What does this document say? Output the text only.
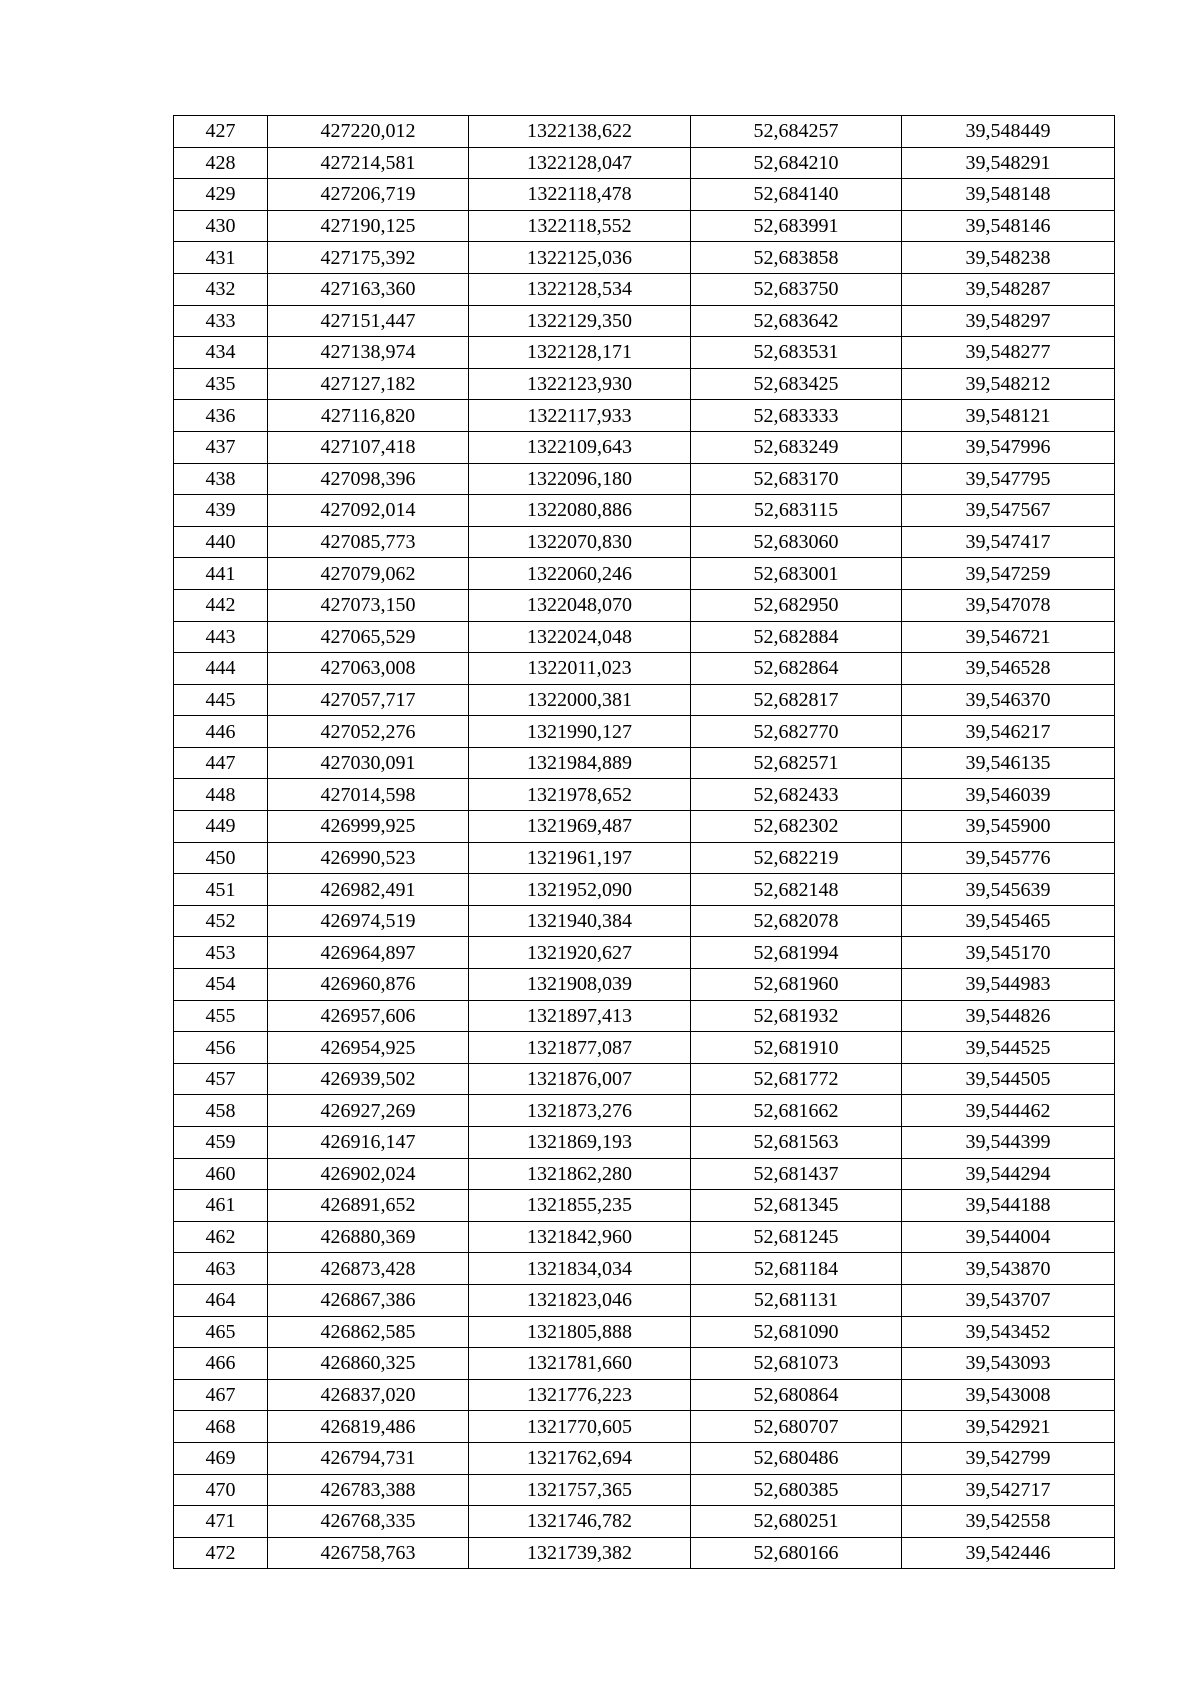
427	427220,012	1322138,622	52,684257	39,548449
428	427214,581	1322128,047	52,684210	39,548291
429	427206,719	1322118,478	52,684140	39,548148
430	427190,125	1322118,552	52,683991	39,548146
431	427175,392	1322125,036	52,683858	39,548238
432	427163,360	1322128,534	52,683750	39,548287
433	427151,447	1322129,350	52,683642	39,548297
434	427138,974	1322128,171	52,683531	39,548277
435	427127,182	1322123,930	52,683425	39,548212
436	427116,820	1322117,933	52,683333	39,548121
437	427107,418	1322109,643	52,683249	39,547996
438	427098,396	1322096,180	52,683170	39,547795
439	427092,014	1322080,886	52,683115	39,547567
440	427085,773	1322070,830	52,683060	39,547417
441	427079,062	1322060,246	52,683001	39,547259
442	427073,150	1322048,070	52,682950	39,547078
443	427065,529	1322024,048	52,682884	39,546721
444	427063,008	1322011,023	52,682864	39,546528
445	427057,717	1322000,381	52,682817	39,546370
446	427052,276	1321990,127	52,682770	39,546217
447	427030,091	1321984,889	52,682571	39,546135
448	427014,598	1321978,652	52,682433	39,546039
449	426999,925	1321969,487	52,682302	39,545900
450	426990,523	1321961,197	52,682219	39,545776
451	426982,491	1321952,090	52,682148	39,545639
452	426974,519	1321940,384	52,682078	39,545465
453	426964,897	1321920,627	52,681994	39,545170
454	426960,876	1321908,039	52,681960	39,544983
455	426957,606	1321897,413	52,681932	39,544826
456	426954,925	1321877,087	52,681910	39,544525
457	426939,502	1321876,007	52,681772	39,544505
458	426927,269	1321873,276	52,681662	39,544462
459	426916,147	1321869,193	52,681563	39,544399
460	426902,024	1321862,280	52,681437	39,544294
461	426891,652	1321855,235	52,681345	39,544188
462	426880,369	1321842,960	52,681245	39,544004
463	426873,428	1321834,034	52,681184	39,543870
464	426867,386	1321823,046	52,681131	39,543707
465	426862,585	1321805,888	52,681090	39,543452
466	426860,325	1321781,660	52,681073	39,543093
467	426837,020	1321776,223	52,680864	39,543008
468	426819,486	1321770,605	52,680707	39,542921
469	426794,731	1321762,694	52,680486	39,542799
470	426783,388	1321757,365	52,680385	39,542717
471	426768,335	1321746,782	52,680251	39,542558
472	426758,763	1321739,382	52,680166	39,542446
